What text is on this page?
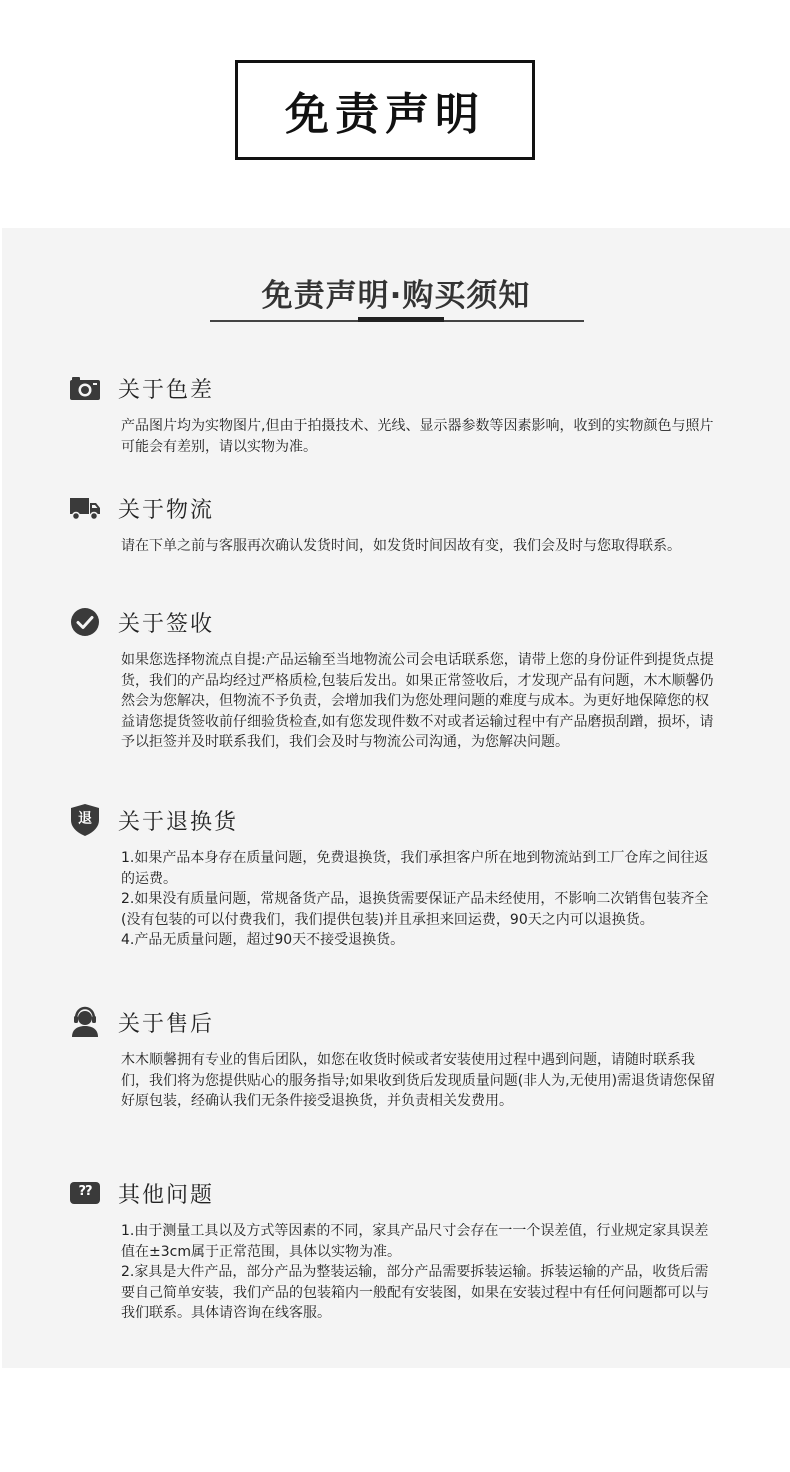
免责声明
免责声明·购买须知
关于色差

产品图片均为实物图片,但由于拍摄技术、光线、显示器参数等因素影响，收到的实物颜色与照片可能会有差别，请以实物为准。

关于物流

请在下单之前与客服再次确认发货时间，如发货时间因故有变，我们会及时与您取得联系。

关于签收

如果您选择物流点自提:产品运输至当地物流公司会电话联系您，请带上您的身份证件到提货点提货，我们的产品均经过严格质检,包装后发出。如果正常签收后，才发现产品有问题，木木顺馨仍然会为您解决，但物流不予负责，会增加我们为您处理问题的难度与成本。为更好地保障您的权益请您提货签收前仔细验货检查,如有您发现件数不对或者运输过程中有产品磨损刮蹭，损坏，请予以拒签并及时联系我们，我们会及时与物流公司沟通，为您解决问题。

退	关于退换货

1.如果产品本身存在质量问题，免费退换货，我们承担客户所在地到物流站到工厂仓库之间往返的运费。

2.如果没有质量问题，常规备货产品，退换货需要保证产品未经使用，不影响二次销售包装齐全(没有包装的可以付费我们，我们提供包装)并且承担来回运费，90天之内可以退换货。

4.产品无质量问题，超过90天不接受退换货。

关于售后

木木顺馨拥有专业的售后团队，如您在收货时候或者安装使用过程中遇到问题，请随时联系我们，我们将为您提供贴心的服务指导;如果收到货后发现质量问题(非人为,无使用)需退货请您保留好原包装，经确认我们无条件接受退换货，并负责相关发费用。

??	其他问题

1.由于测量工具以及方式等因素的不同，家具产品尺寸会存在一一个误差值，行业规定家具误差值在±3cm属于正常范围，具体以实物为准。

2.家具是大件产品，部分产品为整装运输，部分产品需要拆装运输。拆装运输的产品，收货后需要自己简单安装，我们产品的包装箱内一般配有安装图，如果在安装过程中有任何问题都可以与我们联系。具体请咨询在线客服。
